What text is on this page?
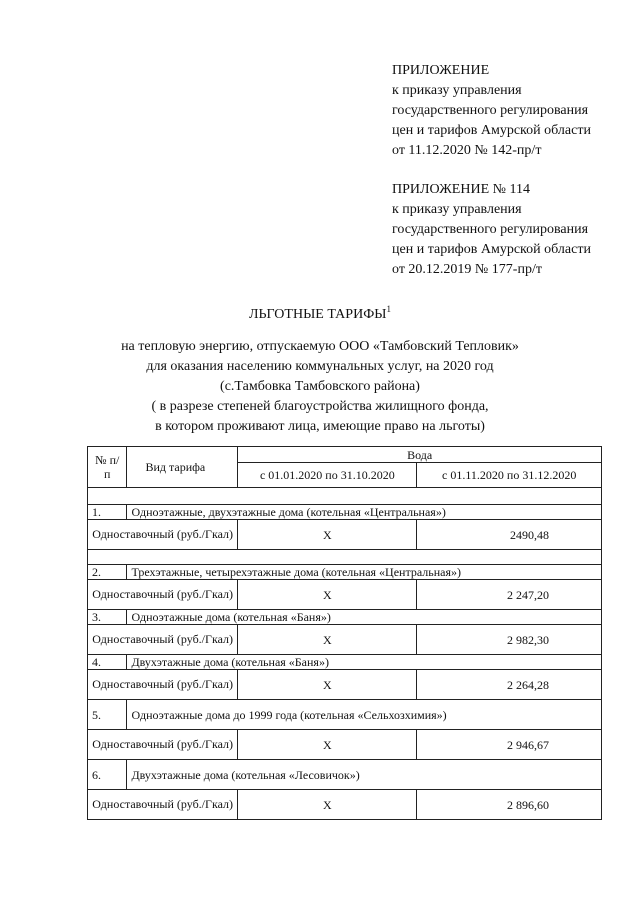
ПРИЛОЖЕНИЕ
к приказу управления
государственного регулирования
цен и тарифов Амурской области
от 11.12.2020 № 142-пр/т
ПРИЛОЖЕНИЕ № 114
к приказу управления
государственного регулирования
цен и тарифов Амурской области
от 20.12.2019 № 177-пр/т
ЛЬГОТНЫЕ ТАРИФЫ$^1$
на тепловую энергию, отпускаемую ООО «Тамбовский Тепловик»
для оказания населению коммунальных услуг, на 2020 год
(с.Тамбовка Тамбовского района)
( в разрезе степеней благоустройства жилищного фонда,
в котором проживают лица, имеющие право на льготы)
№ п/п	Вид тарифа	Вода	
		с 01.01.2020 по 31.10.2020	с 01.11.2020 по 31.12.2020

1.	Одноэтажные, двухэтажные дома (котельная «Центральная»)		
Одноставочный (руб./Гкал)		X	2490,48

2.	Трехэтажные, четырехэтажные дома (котельная «Центральная»)		
Одноставочный (руб./Гкал)		X	2 247,20
3.	Одноэтажные дома (котельная «Баня»)		
Одноставочный (руб./Гкал)		X	2 982,30
4.	Двухэтажные дома (котельная «Баня»)		
Одноставочный (руб./Гкал)		X	2 264,28
5.	Одноэтажные дома до 1999 года (котельная «Сельхозхимия»)		
Одноставочный (руб./Гкал)		X	2 946,67
6.	Двухэтажные дома (котельная «Лесовичок»)		
Одноставочный (руб./Гкал)		X	2 896,60
